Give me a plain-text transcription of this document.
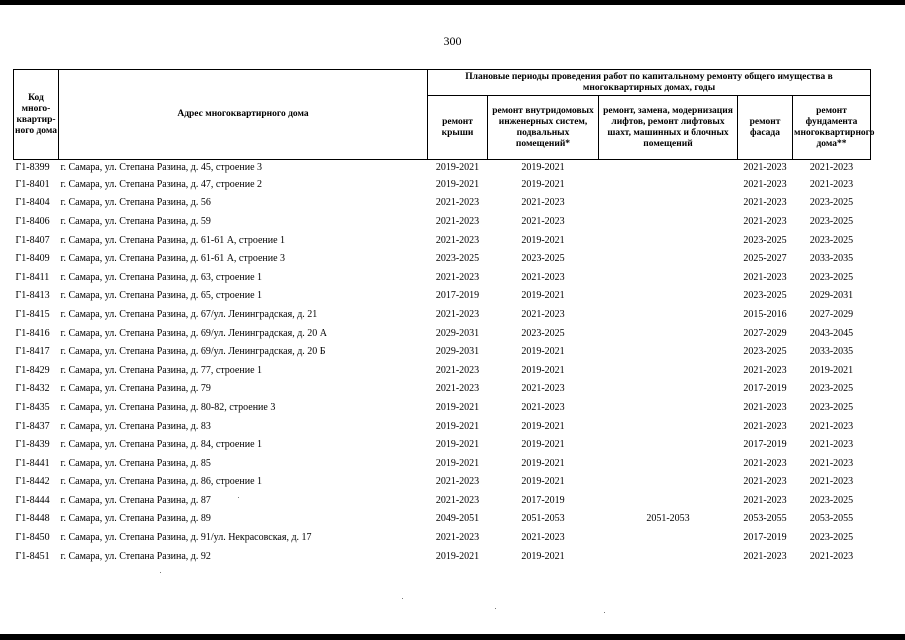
300
Код много-квартир-ного дома	Адрес многоквартирного дома	Плановые периоды проведения работ по капитальному ремонту общего имущества в многоквартирных домах, годы				
		ремонт крыши	ремонт внутридомовых инженерных систем, подвальных помещений*	ремонт, замена, модернизация лифтов, ремонт лифтовых шахт, машинных и блочных помещений	ремонт фасада	ремонт фундамента многоквартирного дома**
Г1-8399	г. Самара, ул. Степана Разина, д. 45, строение 3	2019-2021	2019-2021		2021-2023	2021-2023
Г1-8401	г. Самара, ул. Степана Разина, д. 47, строение 2	2019-2021	2019-2021		2021-2023	2021-2023
Г1-8404	г. Самара, ул. Степана Разина, д. 56	2021-2023	2021-2023		2021-2023	2023-2025
Г1-8406	г. Самара, ул. Степана Разина, д. 59	2021-2023	2021-2023		2021-2023	2023-2025
Г1-8407	г. Самара, ул. Степана Разина, д. 61-61 А, строение 1	2021-2023	2019-2021		2023-2025	2023-2025
Г1-8409	г. Самара, ул. Степана Разина, д. 61-61 А, строение 3	2023-2025	2023-2025		2025-2027	2033-2035
Г1-8411	г. Самара, ул. Степана Разина, д. 63, строение 1	2021-2023	2021-2023		2021-2023	2023-2025
Г1-8413	г. Самара, ул. Степана Разина, д. 65, строение 1	2017-2019	2019-2021		2023-2025	2029-2031
Г1-8415	г. Самара, ул. Степана Разина, д. 67/ул. Ленинградская, д. 21	2021-2023	2021-2023		2015-2016	2027-2029
Г1-8416	г. Самара, ул. Степана Разина, д. 69/ул. Ленинградская, д. 20 А	2029-2031	2023-2025		2027-2029	2043-2045
Г1-8417	г. Самара, ул. Степана Разина, д. 69/ул. Ленинградская, д. 20 Б	2029-2031	2019-2021		2023-2025	2033-2035
Г1-8429	г. Самара, ул. Степана Разина, д. 77, строение 1	2021-2023	2019-2021		2021-2023	2019-2021
Г1-8432	г. Самара, ул. Степана Разина, д. 79	2021-2023	2021-2023		2017-2019	2023-2025
Г1-8435	г. Самара, ул. Степана Разина, д. 80-82, строение 3	2019-2021	2021-2023		2021-2023	2023-2025
Г1-8437	г. Самара, ул. Степана Разина, д. 83	2019-2021	2019-2021		2021-2023	2021-2023
Г1-8439	г. Самара, ул. Степана Разина, д. 84, строение 1	2019-2021	2019-2021		2017-2019	2021-2023
Г1-8441	г. Самара, ул. Степана Разина, д. 85	2019-2021	2019-2021		2021-2023	2021-2023
Г1-8442	г. Самара, ул. Степана Разина, д. 86, строение 1	2021-2023	2019-2021		2021-2023	2021-2023
Г1-8444	г. Самара, ул. Степана Разина, д. 87	2021-2023	2017-2019		2021-2023	2023-2025
Г1-8448	г. Самара, ул. Степана Разина, д. 89	2049-2051	2051-2053	2051-2053	2053-2055	2053-2055
Г1-8450	г. Самара, ул. Степана Разина, д. 91/ул. Некрасовская, д. 17	2021-2023	2021-2023		2017-2019	2023-2025
Г1-8451	г. Самара, ул. Степана Разина, д. 92	2019-2021	2019-2021		2021-2023	2021-2023
